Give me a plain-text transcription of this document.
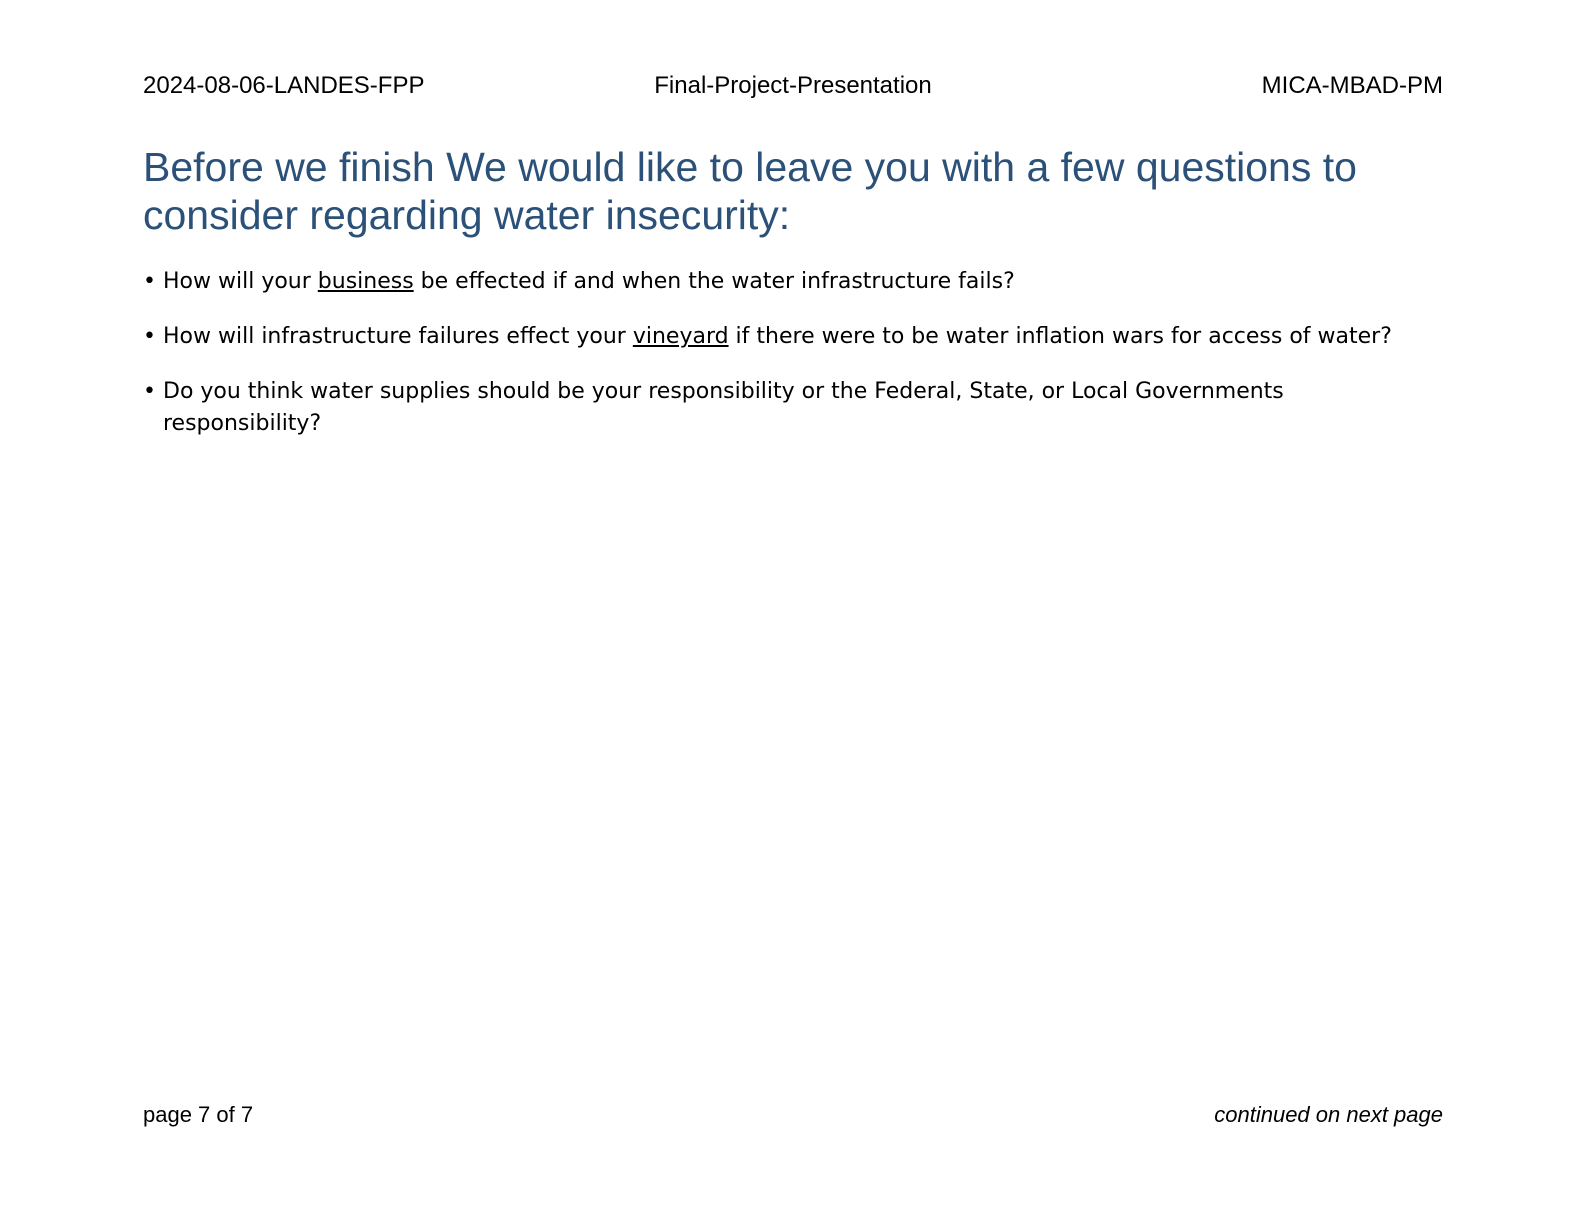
2024-08-06-LANDES-FPP	Final-Project-Presentation	MICA-MBAD-PM
Before we finish We would like to leave you with a few questions to consider regarding water insecurity:
• How will your business be effected if and when the water infrastructure fails?
• How will infrastructure failures effect your vineyard if there were to be water inflation wars for access of water?
• Do you think water supplies should be your responsibility or the Federal, State, or Local Governments responsibility?
page 7 of 7	continued on next page
